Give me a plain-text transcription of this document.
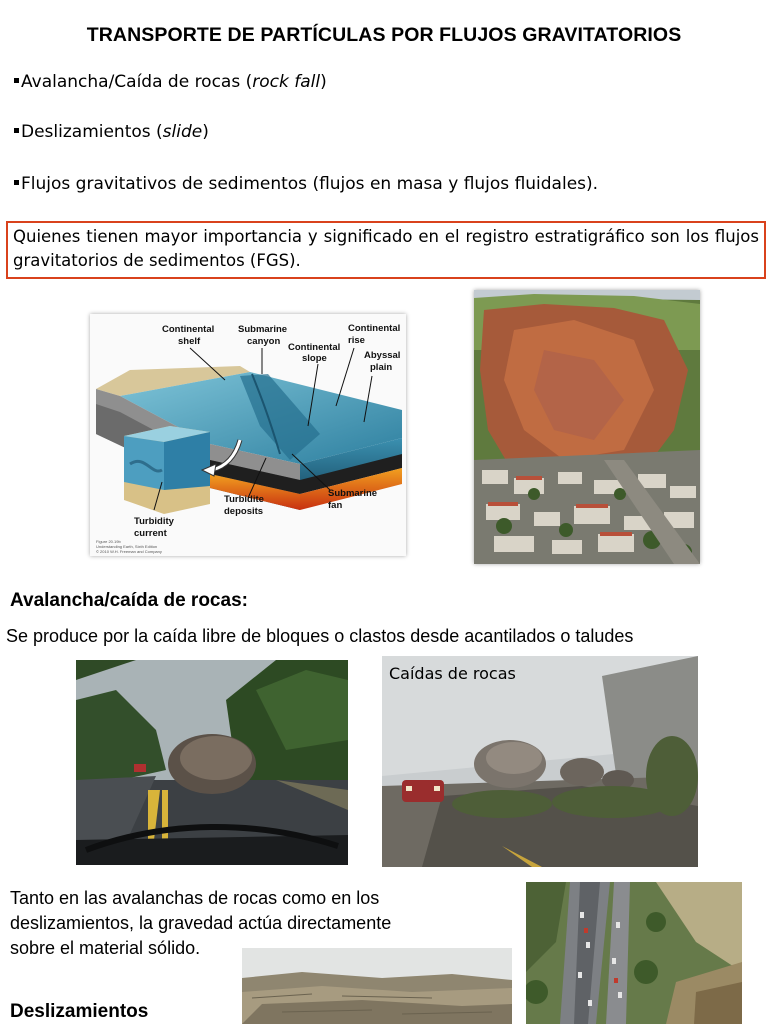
TRANSPORTE DE PARTÍCULAS POR FLUJOS GRAVITATORIOS
Avalancha/Caída de rocas (rock fall)
Deslizamientos (slide)
Flujos gravitativos de sedimentos (flujos en masa y flujos fluidales).
Quienes tienen mayor importancia y significado en el registro estratigráfico son los flujos gravitatorios de sedimentos (FGS).
Continental shelf
Submarine canyon
Continental slope
Continental rise
Abyssal plain
Turbidite deposits
Submarine fan
Turbidity current
Figure 20.19b Understanding Earth, Sixth Edition © 2010 W.H. Freeman and Company
Avalancha/caída de rocas:
Se produce por la caída libre de bloques o clastos desde acantilados o taludes
Caídas de rocas
Tanto en las avalanchas de rocas como en los
deslizamientos, la gravedad actúa directamente
sobre el material sólido.
Deslizamientos
